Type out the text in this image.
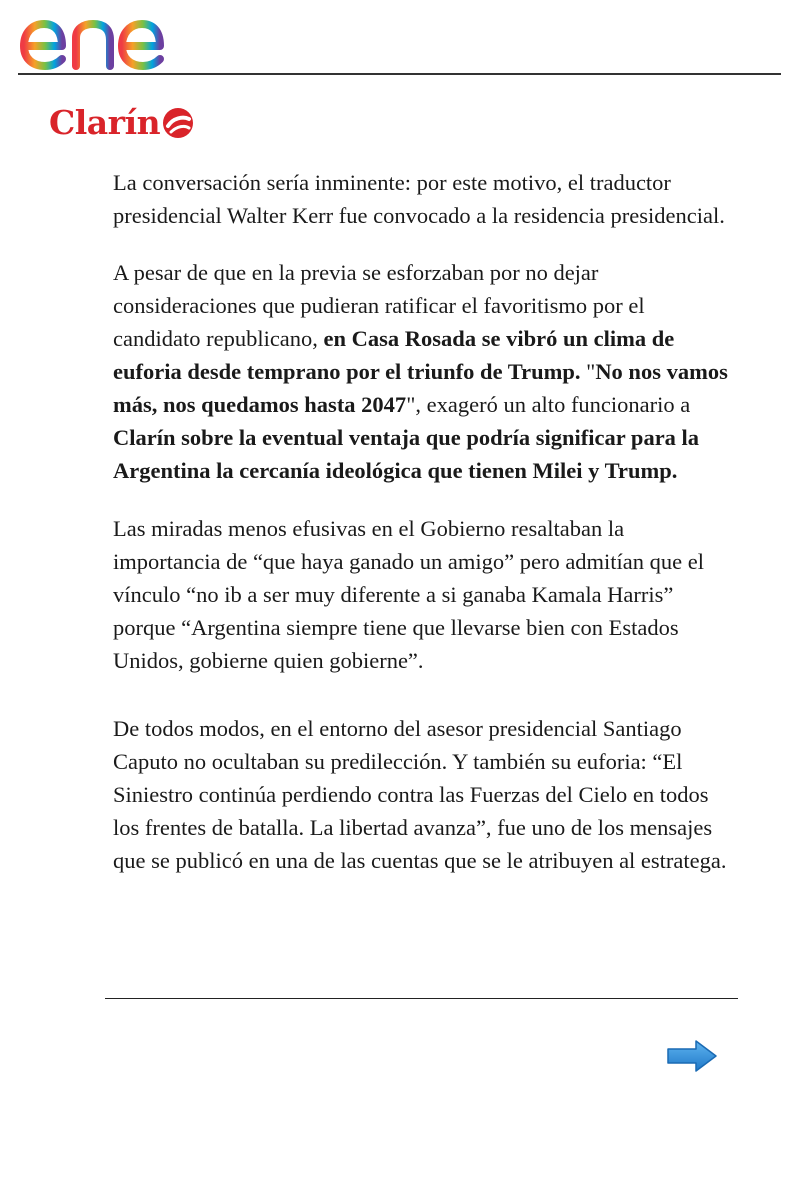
enel
Clarín

La conversación sería inminente: por este motivo, el traductor presidencial Walter Kerr fue convocado a la residencia presidencial.

A pesar de que en la previa se esforzaban por no dejar consideraciones que pudieran ratificar el favoritismo por el candidato republicano, en Casa Rosada se vibró un clima de euforia desde temprano por el triunfo de Trump. "No nos vamos más, nos quedamos hasta 2047", exageró un alto funcionario a Clarín sobre la eventual ventaja que podría significar para la Argentina la cercanía ideológica que tienen Milei y Trump.

Las miradas menos efusivas en el Gobierno resaltaban la importancia de “que haya ganado un amigo” pero admitían que el vínculo “no ib a ser muy diferente a si ganaba Kamala Harris” porque “Argentina siempre tiene que llevarse bien con Estados Unidos, gobierne quien gobierne”.

De todos modos, en el entorno del asesor presidencial Santiago Caputo no ocultaban su predilección. Y también su euforia: “El Siniestro continúa perdiendo contra las Fuerzas del Cielo en todos los frentes de batalla. La libertad avanza”, fue uno de los mensajes que se publicó en una de las cuentas que se le atribuyen al estratega.
